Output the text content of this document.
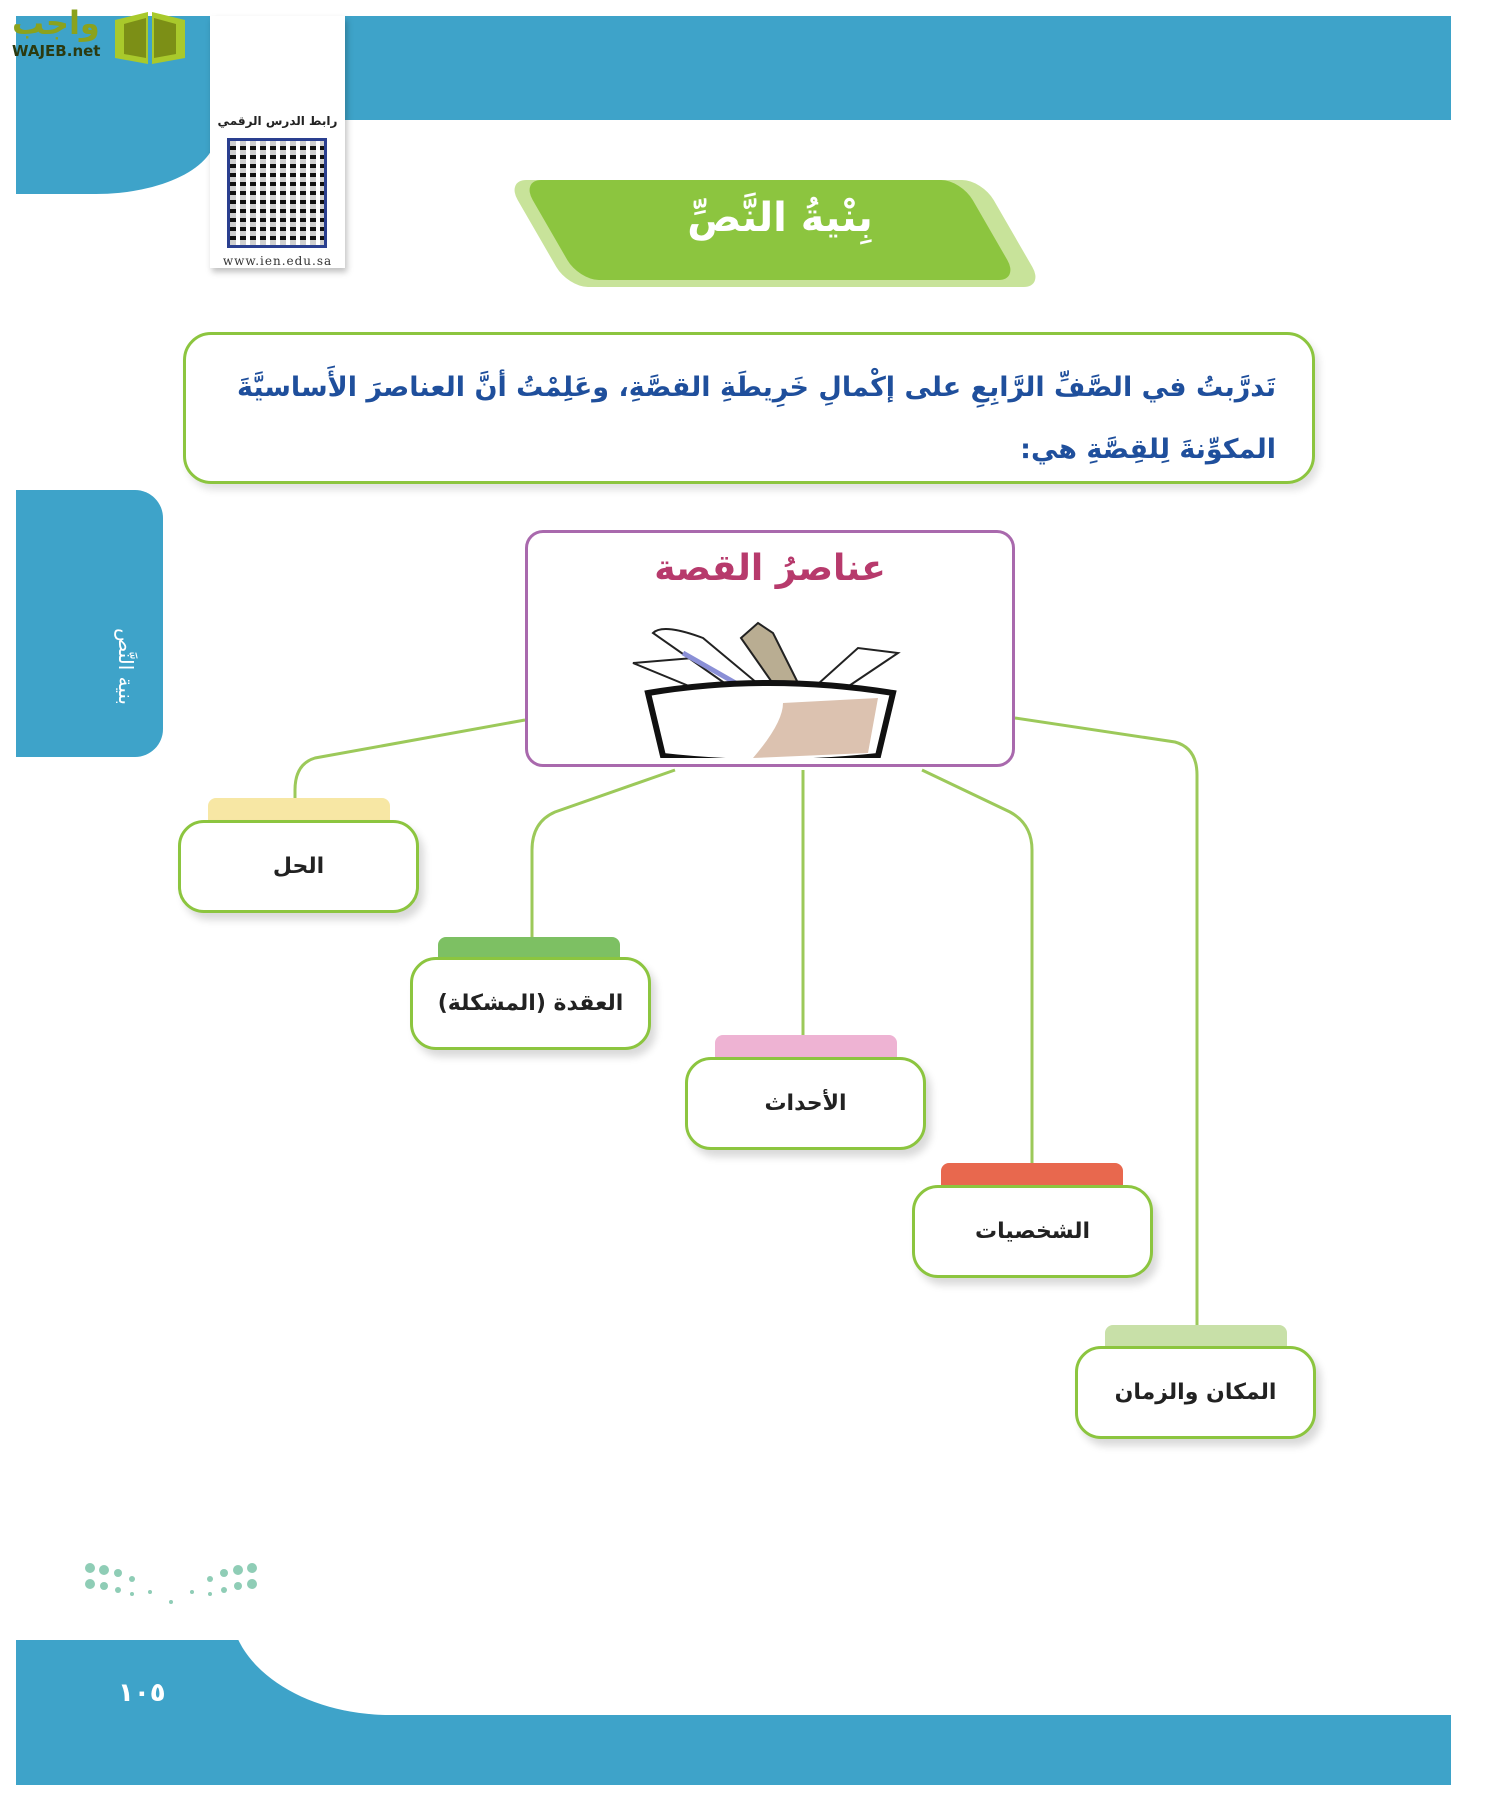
واجب
WAJEB.net
رابط الدرس الرقمي
www.ien.edu.sa
بِنْيةُ النَّصِّ
تَدرَّبتُ في الصَّفِّ الرَّابِعِ على إكْمالِ خَرِيطَةِ القصَّةِ، وعَلِمْتُ أنَّ العناصرَ الأَساسيَّةَ المكوِّنةَ لِلقِصَّةِ هي:
بنية النَّص
عناصرُ القصة
الحل
العقدة (المشكلة)
الأحداث
الشخصيات
المكان والزمان
١٠٥
